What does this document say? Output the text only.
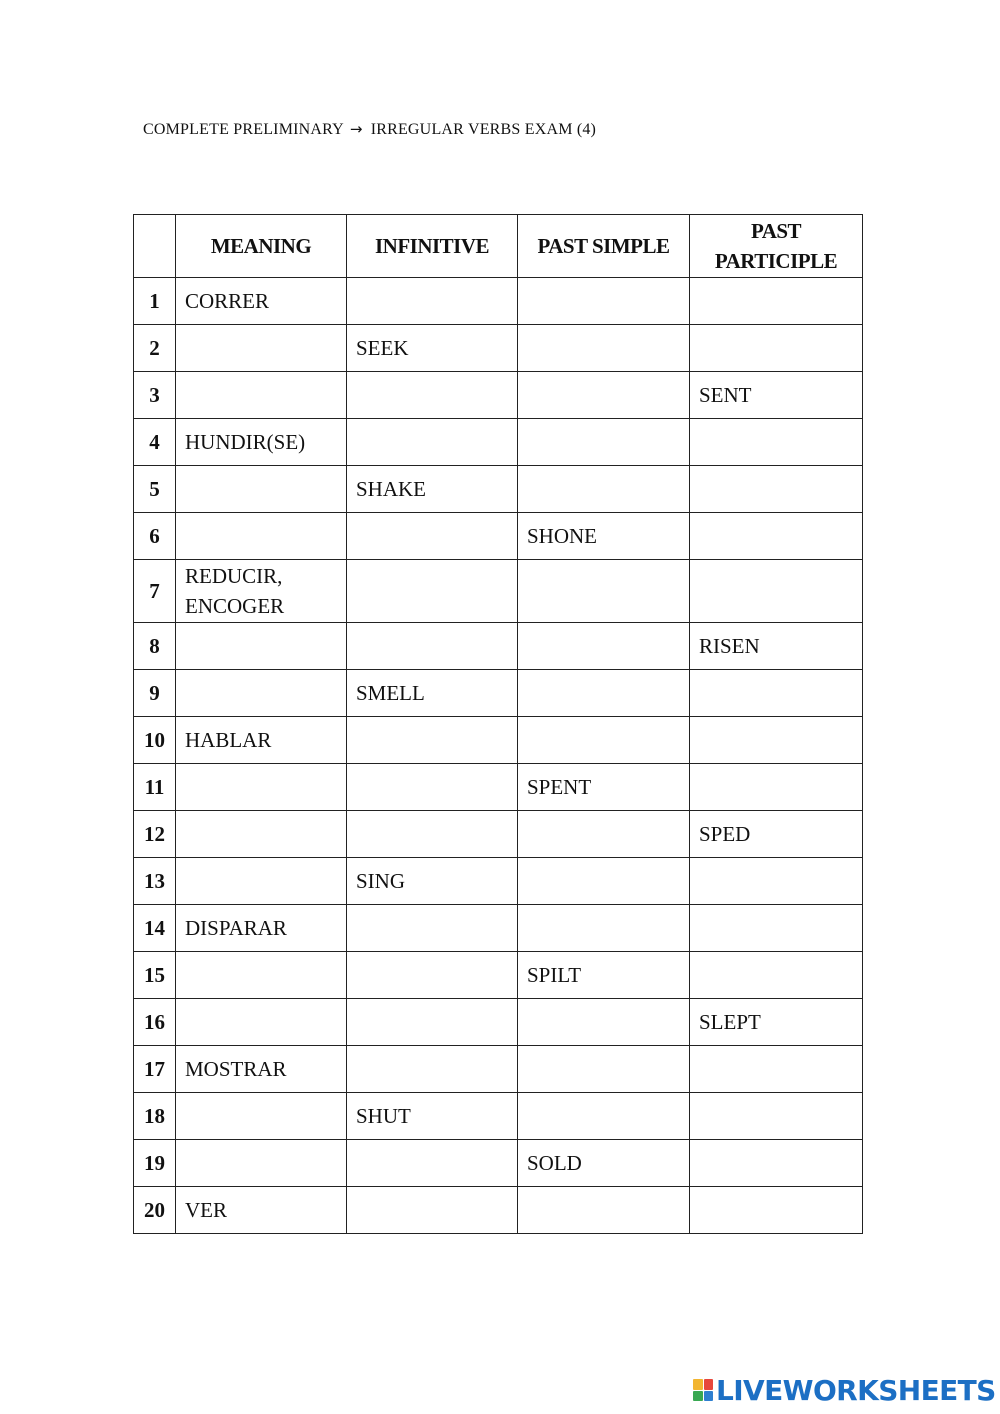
COMPLETE PRELIMINARY → IRREGULAR VERBS EXAM (4)
	MEANING	INFINITIVE	PAST SIMPLE	PAST PARTICIPLE
1	CORRER			
2		SEEK		
3				SENT
4	HUNDIR(SE)			
5		SHAKE		
6			SHONE	
7	REDUCIR, ENCOGER			
8				RISEN
9		SMELL		
10	HABLAR			
11			SPENT	
12				SPED
13		SING		
14	DISPARAR			
15			SPILT	
16				SLEPT
17	MOSTRAR			
18		SHUT		
19			SOLD	
20	VER			
LIVEWORKSHEETS
